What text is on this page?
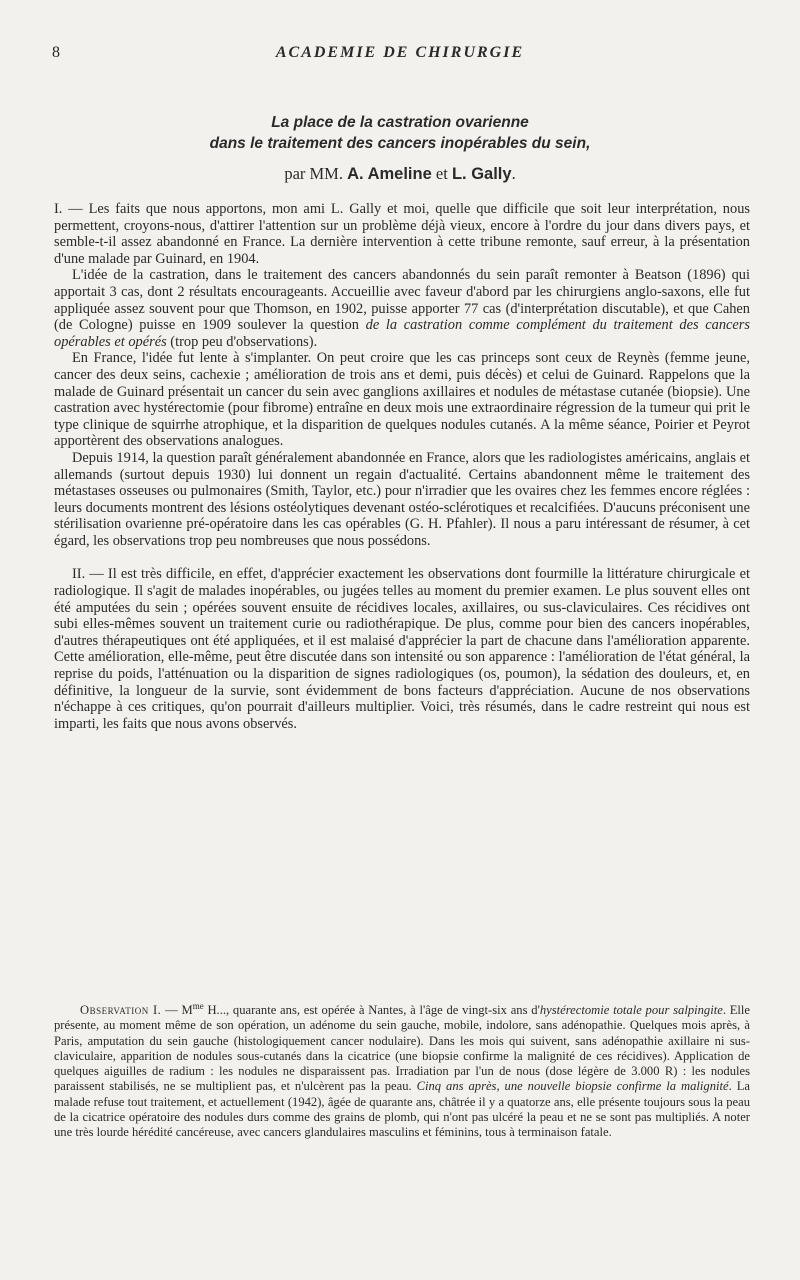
8	ACADEMIE DE CHIRURGIE
La place de la castration ovarienne
dans le traitement des cancers inopérables du sein,
par MM. A. Ameline et L. Gally.

I. — Les faits que nous apportons, mon ami L. Gally et moi, quelle que difficile que soit leur interprétation, nous permettent, croyons-nous, d'attirer l'attention sur un problème déjà vieux, encore à l'ordre du jour dans divers pays, et semble-t-il assez abandonné en France. La dernière intervention à cette tribune remonte, sauf erreur, à la présentation d'une malade par Guinard, en 1904.

L'idée de la castration, dans le traitement des cancers abandonnés du sein paraît remonter à Beatson (1896) qui apportait 3 cas, dont 2 résultats encourageants. Accueillie avec faveur d'abord par les chirurgiens anglo-saxons, elle fut appliquée assez souvent pour que Thomson, en 1902, puisse apporter 77 cas (d'interprétation discutable), et que Cahen (de Cologne) puisse en 1909 soulever la question de la castration comme complément du traitement des cancers opérables et opérés (trop peu d'observations).

En France, l'idée fut lente à s'implanter. On peut croire que les cas princeps sont ceux de Reynès (femme jeune, cancer des deux seins, cachexie ; amélioration de trois ans et demi, puis décès) et celui de Guinard. Rappelons que la malade de Guinard présentait un cancer du sein avec ganglions axillaires et nodules de métastase cutanée (biopsie). Une castration avec hystérectomie (pour fibrome) entraîne en deux mois une extraordinaire régression de la tumeur qui prit le type clinique de squirrhe atrophique, et la disparition de quelques nodules cutanés. A la même séance, Poirier et Peyrot apportèrent des observations analogues.

Depuis 1914, la question paraît généralement abandonnée en France, alors que les radiologistes américains, anglais et allemands (surtout depuis 1930) lui donnent un regain d'actualité. Certains abandonnent même le traitement des métastases osseuses ou pulmonaires (Smith, Taylor, etc.) pour n'irradier que les ovaires chez les femmes encore réglées : leurs documents montrent des lésions ostéolytiques devenant ostéo-sclérotiques et recalcifiées. D'aucuns préconisent une stérilisation ovarienne pré-opératoire dans les cas opérables (G. H. Pfahler). Il nous a paru intéressant de résumer, à cet égard, les observations trop peu nombreuses que nous possédons.

II. — Il est très difficile, en effet, d'apprécier exactement les observations dont fourmille la littérature chirurgicale et radiologique. Il s'agit de malades inopérables, ou jugées telles au moment du premier examen. Le plus souvent elles ont été amputées du sein ; opérées souvent ensuite de récidives locales, axillaires, ou sus-claviculaires. Ces récidives ont subi elles-mêmes souvent un traitement curie ou radiothérapique. De plus, comme pour bien des cancers inopérables, d'autres thérapeutiques ont été appliquées, et il est malaisé d'apprécier la part de chacune dans l'amélioration apparente. Cette amélioration, elle-même, peut être discutée dans son intensité ou son apparence : l'amélioration de l'état général, la reprise du poids, l'atténuation ou la disparition de signes radiologiques (os, poumon), la sédation des douleurs, et, en définitive, la longueur de la survie, sont évidemment de bons facteurs d'appréciation. Aucune de nos observations n'échappe à ces critiques, qu'on pourrait d'ailleurs multiplier. Voici, très résumés, dans le cadre restreint qui nous est imparti, les faits que nous avons observés.

Observation I. — $M^{me}$ H..., quarante ans, est opérée à Nantes, à l'âge de vingt-six ans d'hystérectomie totale pour salpingite. Elle présente, au moment même de son opération, un adénome du sein gauche, mobile, indolore, sans adénopathie. Quelques mois après, à Paris, amputation du sein gauche (histologiquement cancer nodulaire). Dans les mois qui suivent, sans adénopathie axillaire ni sus-claviculaire, apparition de nodules sous-cutanés dans la cicatrice (une biopsie confirme la malignité de ces récidives). Application de quelques aiguilles de radium : les nodules ne disparaissent pas. Irradiation par l'un de nous (dose légère de 3.000 R) : les nodules paraissent stabilisés, ne se multiplient pas, et n'ulcèrent pas la peau. Cinq ans après, une nouvelle biopsie confirme la malignité. La malade refuse tout traitement, et actuellement (1942), âgée de quarante ans, châtrée il y a quatorze ans, elle présente toujours sous la peau de la cicatrice opératoire des nodules durs comme des grains de plomb, qui n'ont pas ulcéré la peau et ne se sont pas multipliés. A noter une très lourde hérédité cancéreuse, avec cancers glandulaires masculins et féminins, tous à terminaison fatale.
